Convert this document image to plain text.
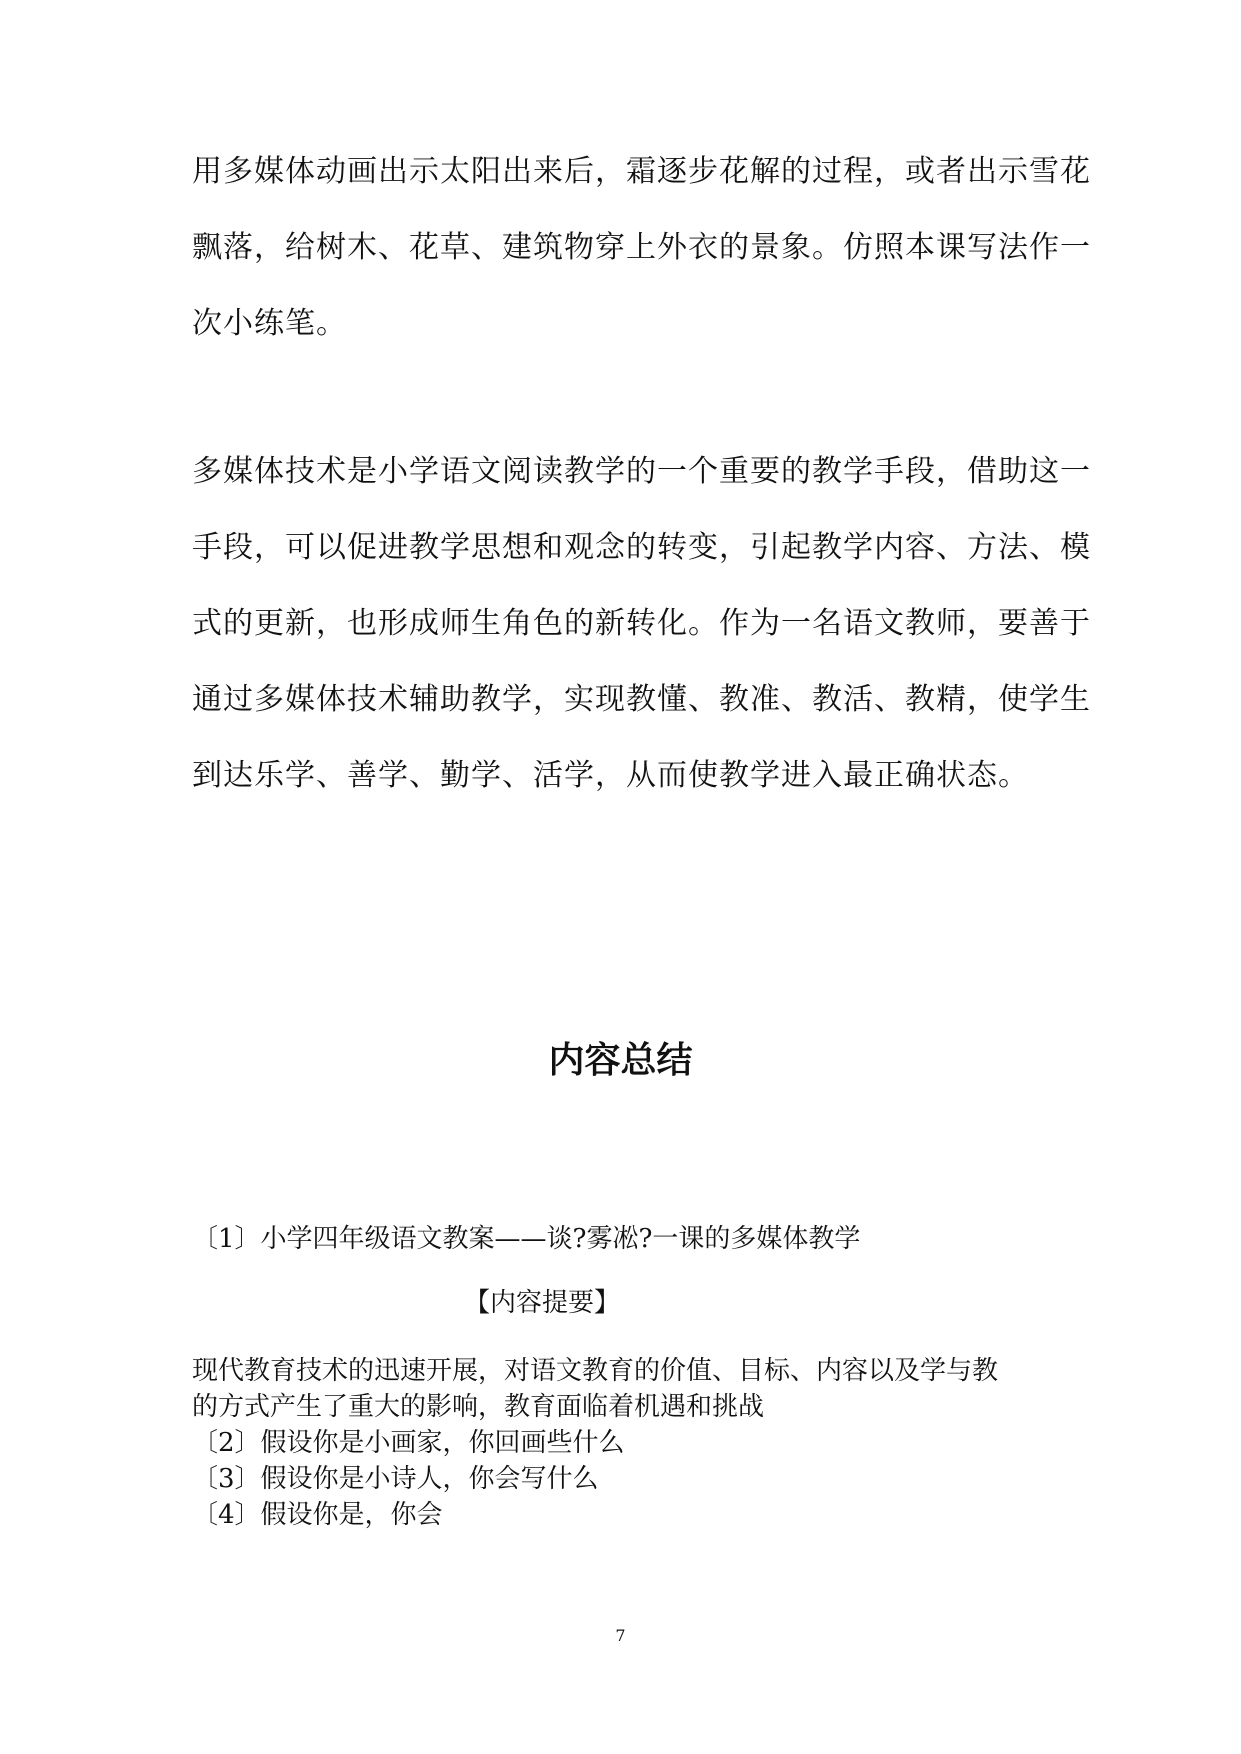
用多媒体动画出示太阳出来后，霜逐步花解的过程，或者出示雪花
飘落，给树木、花草、建筑物穿上外衣的景象。仿照本课写法作一
次小练笔。
多媒体技术是小学语文阅读教学的一个重要的教学手段，借助这一
手段，可以促进教学思想和观念的转变，引起教学内容、方法、模
式的更新，也形成师生角色的新转化。作为一名语文教师，要善于
通过多媒体技术辅助教学，实现教懂、教准、教活、教精，使学生
到达乐学、善学、勤学、活学，从而使教学进入最正确状态。
内容总结
〔1〕小学四年级语文教案——谈?雾凇?一课的多媒体教学
【内容提要】
现代教育技术的迅速开展，对语文教育的价值、目标、内容以及学与教
的方式产生了重大的影响，教育面临着机遇和挑战
〔2〕假设你是小画家，你回画些什么
〔3〕假设你是小诗人，你会写什么
〔4〕假设你是，你会
7
